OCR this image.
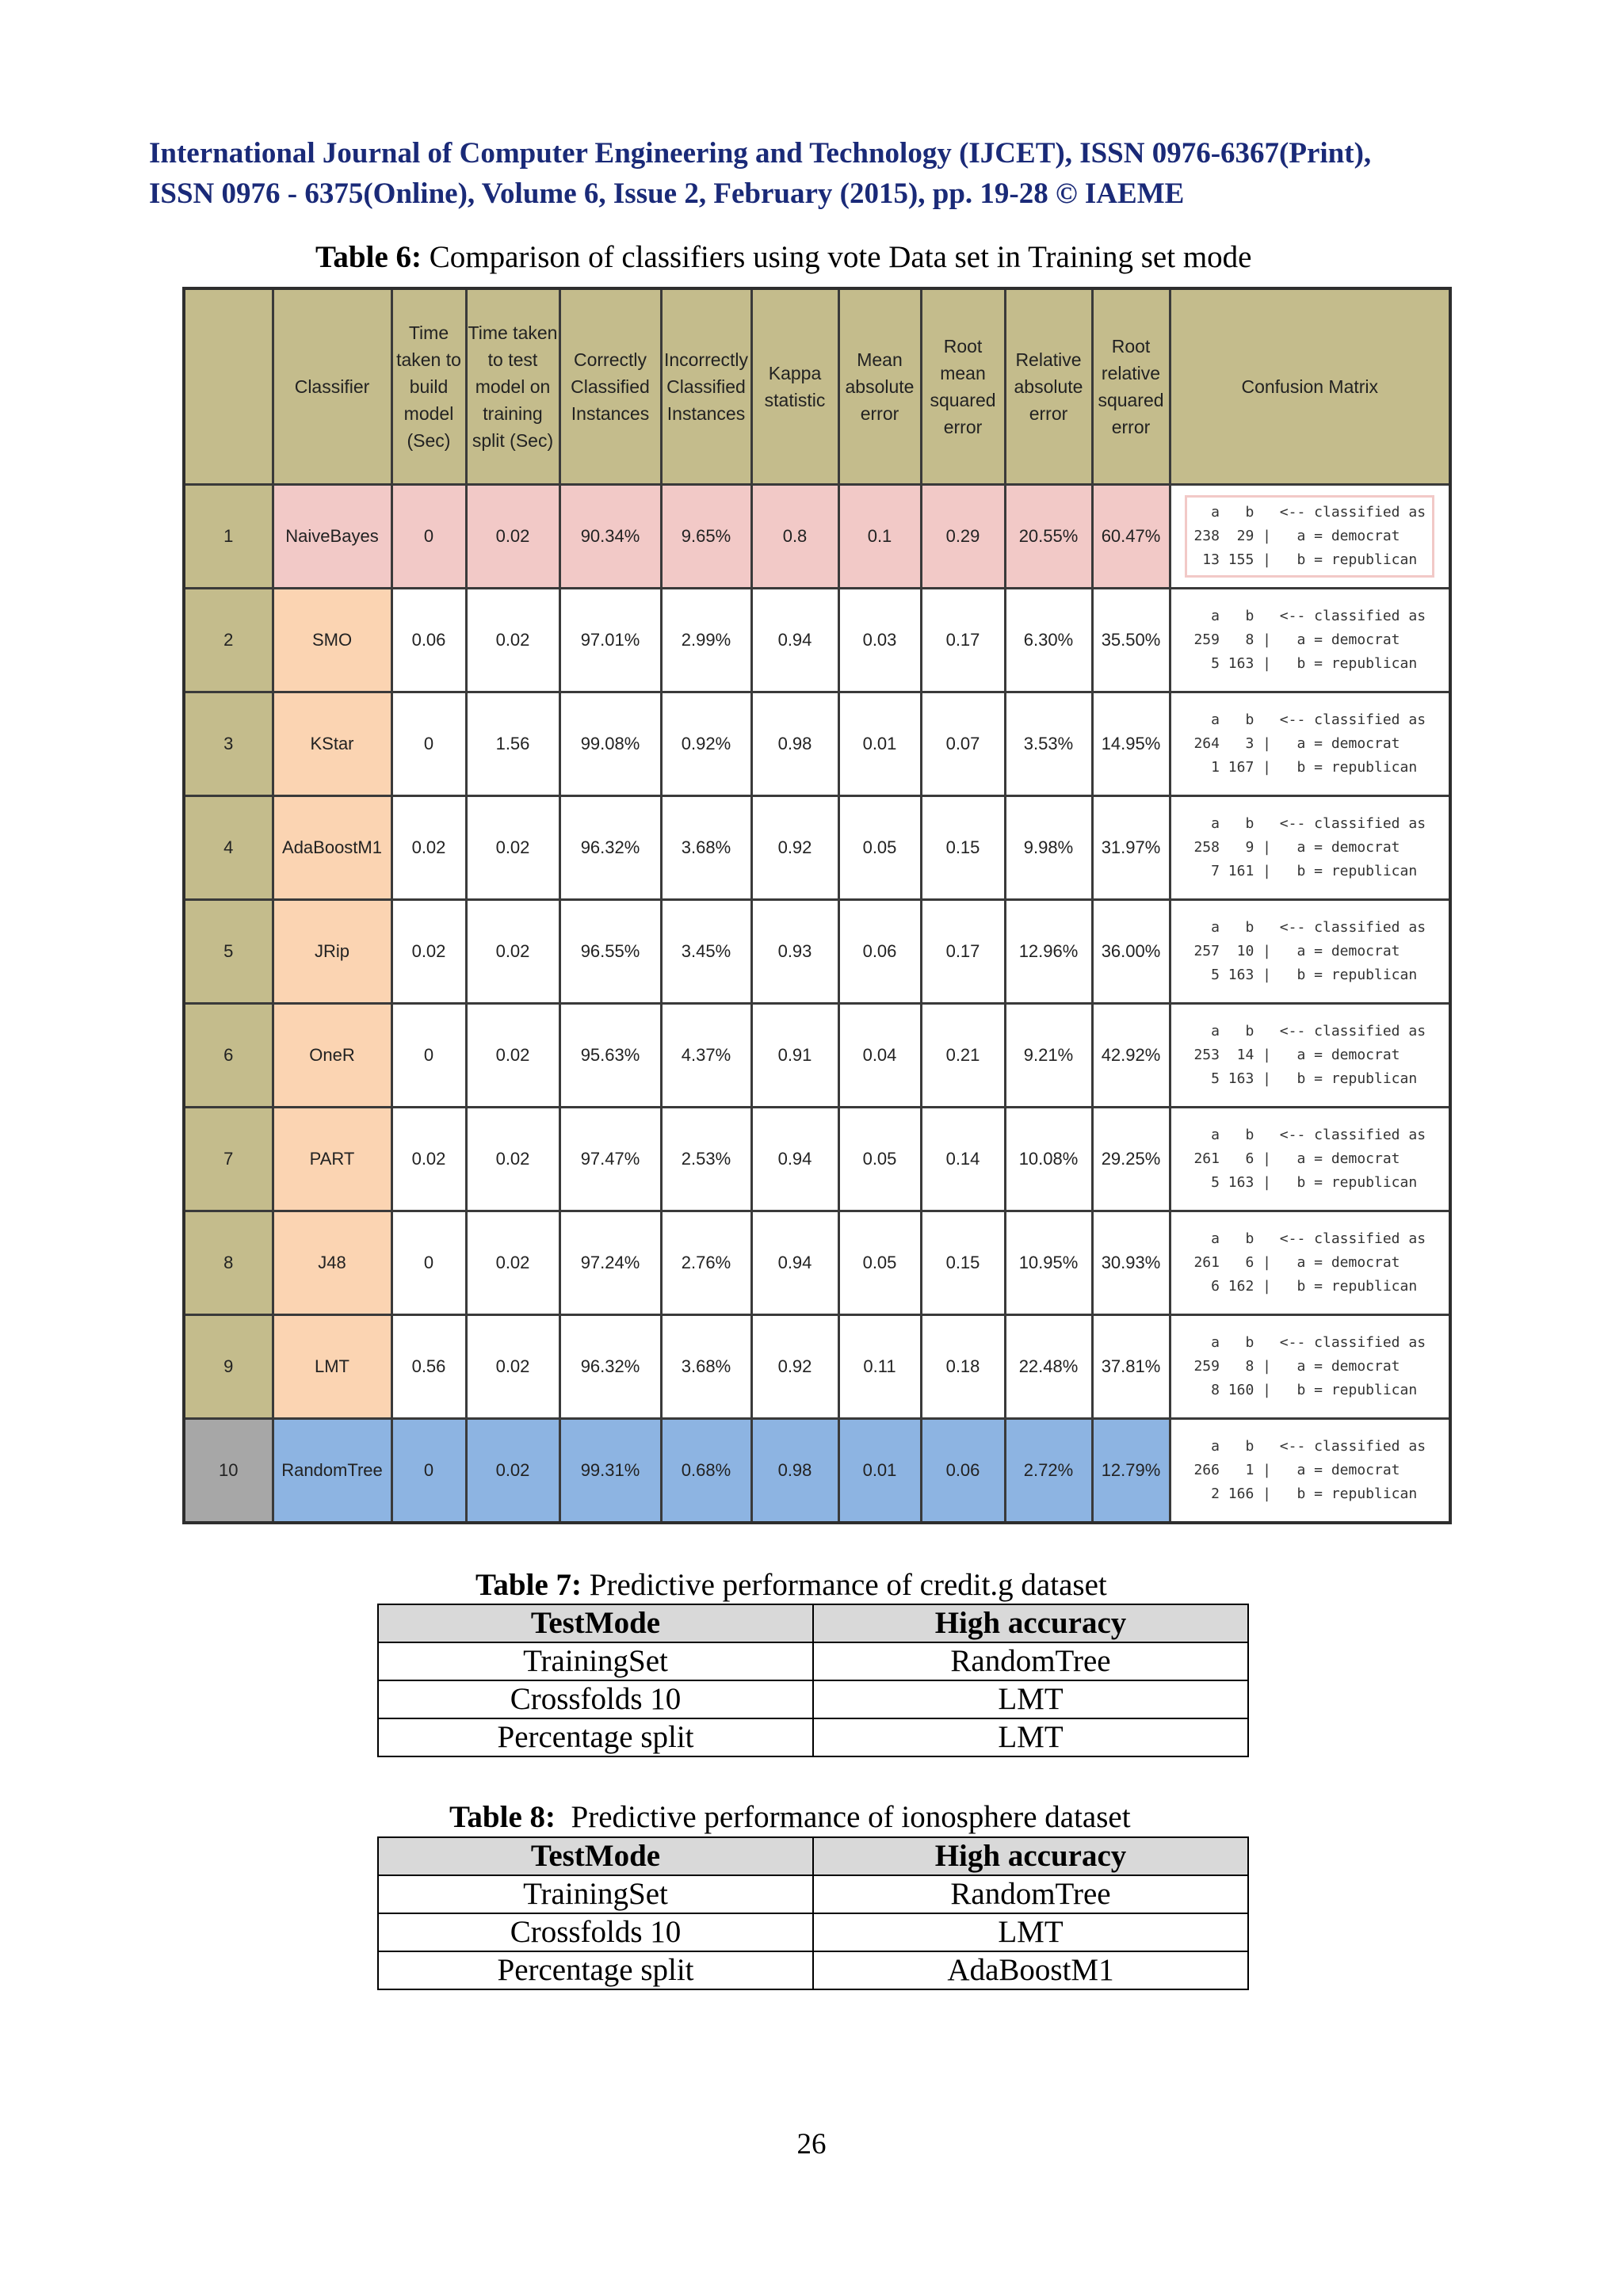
International Journal of Computer Engineering and Technology (IJCET), ISSN 0976-6367(Print),
ISSN 0976 - 6375(Online), Volume 6, Issue 2, February (2015), pp. 19-28 © IAEME
Table 6: Comparison of classifiers using vote Data set in Training set mode
	Classifier	Time taken to build model (Sec)	Time taken to test model on training split (Sec)	Correctly Classified Instances	Incorrectly Classified Instances	Kappa statistic	Mean absolute error	Root mean squared error	Relative absolute error	Root relative squared error	Confusion Matrix
1	NaiveBayes	0	0.02	90.34%	9.65%	0.8	0.1	0.29	20.55%	60.47%	a   b   <-- classified as
238  29 |   a = democrat
13 155 |   b = republican
2	SMO	0.06	0.02	97.01%	2.99%	0.94	0.03	0.17	6.30%	35.50%	a   b   <-- classified as
259   8 |   a = democrat
5 163 |   b = republican
3	KStar	0	1.56	99.08%	0.92%	0.98	0.01	0.07	3.53%	14.95%	a   b   <-- classified as
264   3 |   a = democrat
1 167 |   b = republican
4	AdaBoostM1	0.02	0.02	96.32%	3.68%	0.92	0.05	0.15	9.98%	31.97%	a   b   <-- classified as
258   9 |   a = democrat
7 161 |   b = republican
5	JRip	0.02	0.02	96.55%	3.45%	0.93	0.06	0.17	12.96%	36.00%	a   b   <-- classified as
257  10 |   a = democrat
5 163 |   b = republican
6	OneR	0	0.02	95.63%	4.37%	0.91	0.04	0.21	9.21%	42.92%	a   b   <-- classified as
253  14 |   a = democrat
5 163 |   b = republican
7	PART	0.02	0.02	97.47%	2.53%	0.94	0.05	0.14	10.08%	29.25%	a   b   <-- classified as
261   6 |   a = democrat
5 163 |   b = republican
8	J48	0	0.02	97.24%	2.76%	0.94	0.05	0.15	10.95%	30.93%	a   b   <-- classified as
261   6 |   a = democrat
6 162 |   b = republican
9	LMT	0.56	0.02	96.32%	3.68%	0.92	0.11	0.18	22.48%	37.81%	a   b   <-- classified as
259   8 |   a = democrat
8 160 |   b = republican
10	RandomTree	0	0.02	99.31%	0.68%	0.98	0.01	0.06	2.72%	12.79%	a   b   <-- classified as
266   1 |   a = democrat
2 166 |   b = republican
Table 7: Predictive performance of credit.g dataset
TestMode	High accuracy
TrainingSet	RandomTree
Crossfolds 10	LMT
Percentage split	LMT
Table 8:  Predictive performance of ionosphere dataset
TestMode	High accuracy
TrainingSet	RandomTree
Crossfolds 10	LMT
Percentage split	AdaBoostM1
26
